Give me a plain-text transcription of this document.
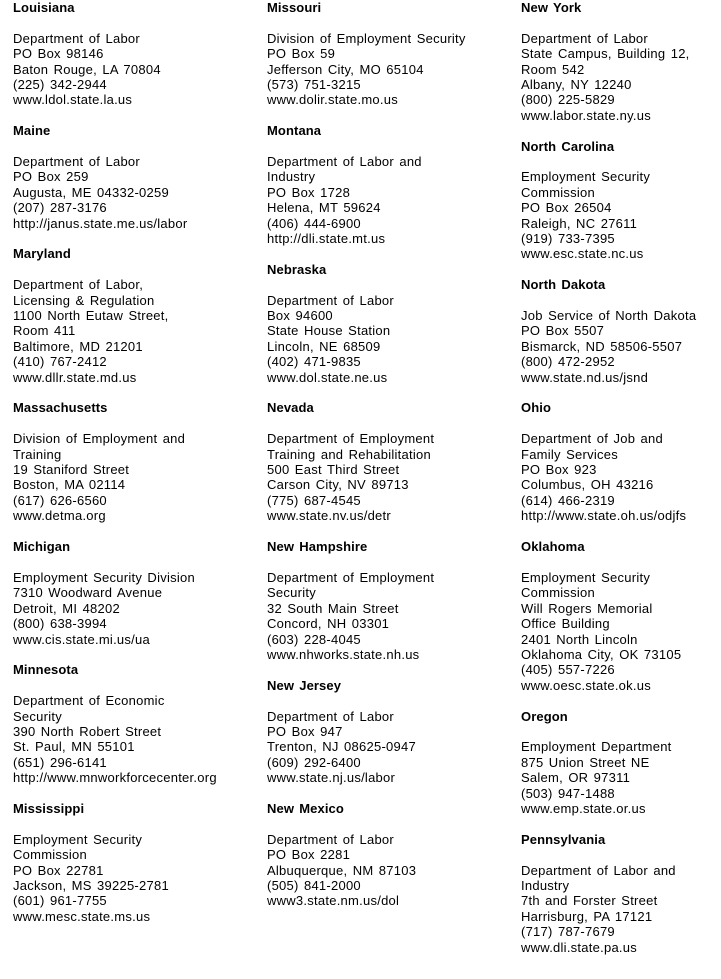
Louisiana
Department of Labor
PO Box 98146
Baton Rouge, LA 70804
(225) 342-2944
www.ldol.state.la.us
Maine
Department of Labor
PO Box 259
Augusta, ME 04332-0259
(207) 287-3176
http://janus.state.me.us/labor
Maryland
Department of Labor,
Licensing & Regulation
1100 North Eutaw Street,
Room 411
Baltimore, MD 21201
(410) 767-2412
www.dllr.state.md.us
Massachusetts
Division of Employment and
Training
19 Staniford Street
Boston, MA 02114
(617) 626-6560
www.detma.org
Michigan
Employment Security Division
7310 Woodward Avenue
Detroit, MI 48202
(800) 638-3994
www.cis.state.mi.us/ua
Minnesota
Department of Economic
Security
390 North Robert Street
St. Paul, MN 55101
(651) 296-6141
http://www.mnworkforcecenter.org
Mississippi
Employment Security
Commission
PO Box 22781
Jackson, MS 39225-2781
(601) 961-7755
www.mesc.state.ms.us
Missouri
Division of Employment Security
PO Box 59
Jefferson City, MO 65104
(573) 751-3215
www.dolir.state.mo.us
Montana
Department of Labor and
Industry
PO Box 1728
Helena, MT 59624
(406) 444-6900
http://dli.state.mt.us
Nebraska
Department of Labor
Box 94600
State House Station
Lincoln, NE 68509
(402) 471-9835
www.dol.state.ne.us
Nevada
Department of Employment
Training and Rehabilitation
500 East Third Street
Carson City, NV 89713
(775) 687-4545
www.state.nv.us/detr
New Hampshire
Department of Employment
Security
32 South Main Street
Concord, NH 03301
(603) 228-4045
www.nhworks.state.nh.us
New Jersey
Department of Labor
PO Box 947
Trenton, NJ 08625-0947
(609) 292-6400
www.state.nj.us/labor
New Mexico
Department of Labor
PO Box 2281
Albuquerque, NM 87103
(505) 841-2000
www3.state.nm.us/dol
New York
Department of Labor
State Campus, Building 12,
Room 542
Albany, NY 12240
(800) 225-5829
www.labor.state.ny.us
North Carolina
Employment Security
Commission
PO Box 26504
Raleigh, NC 27611
(919) 733-7395
www.esc.state.nc.us
North Dakota
Job Service of North Dakota
PO Box 5507
Bismarck, ND 58506-5507
(800) 472-2952
www.state.nd.us/jsnd
Ohio
Department of Job and
Family Services
PO Box 923
Columbus, OH 43216
(614) 466-2319
http://www.state.oh.us/odjfs
Oklahoma
Employment Security
Commission
Will Rogers Memorial
Office Building
2401 North Lincoln
Oklahoma City, OK 73105
(405) 557-7226
www.oesc.state.ok.us
Oregon
Employment Department
875 Union Street NE
Salem, OR 97311
(503) 947-1488
www.emp.state.or.us
Pennsylvania
Department of Labor and
Industry
7th and Forster Street
Harrisburg, PA 17121
(717) 787-7679
www.dli.state.pa.us
